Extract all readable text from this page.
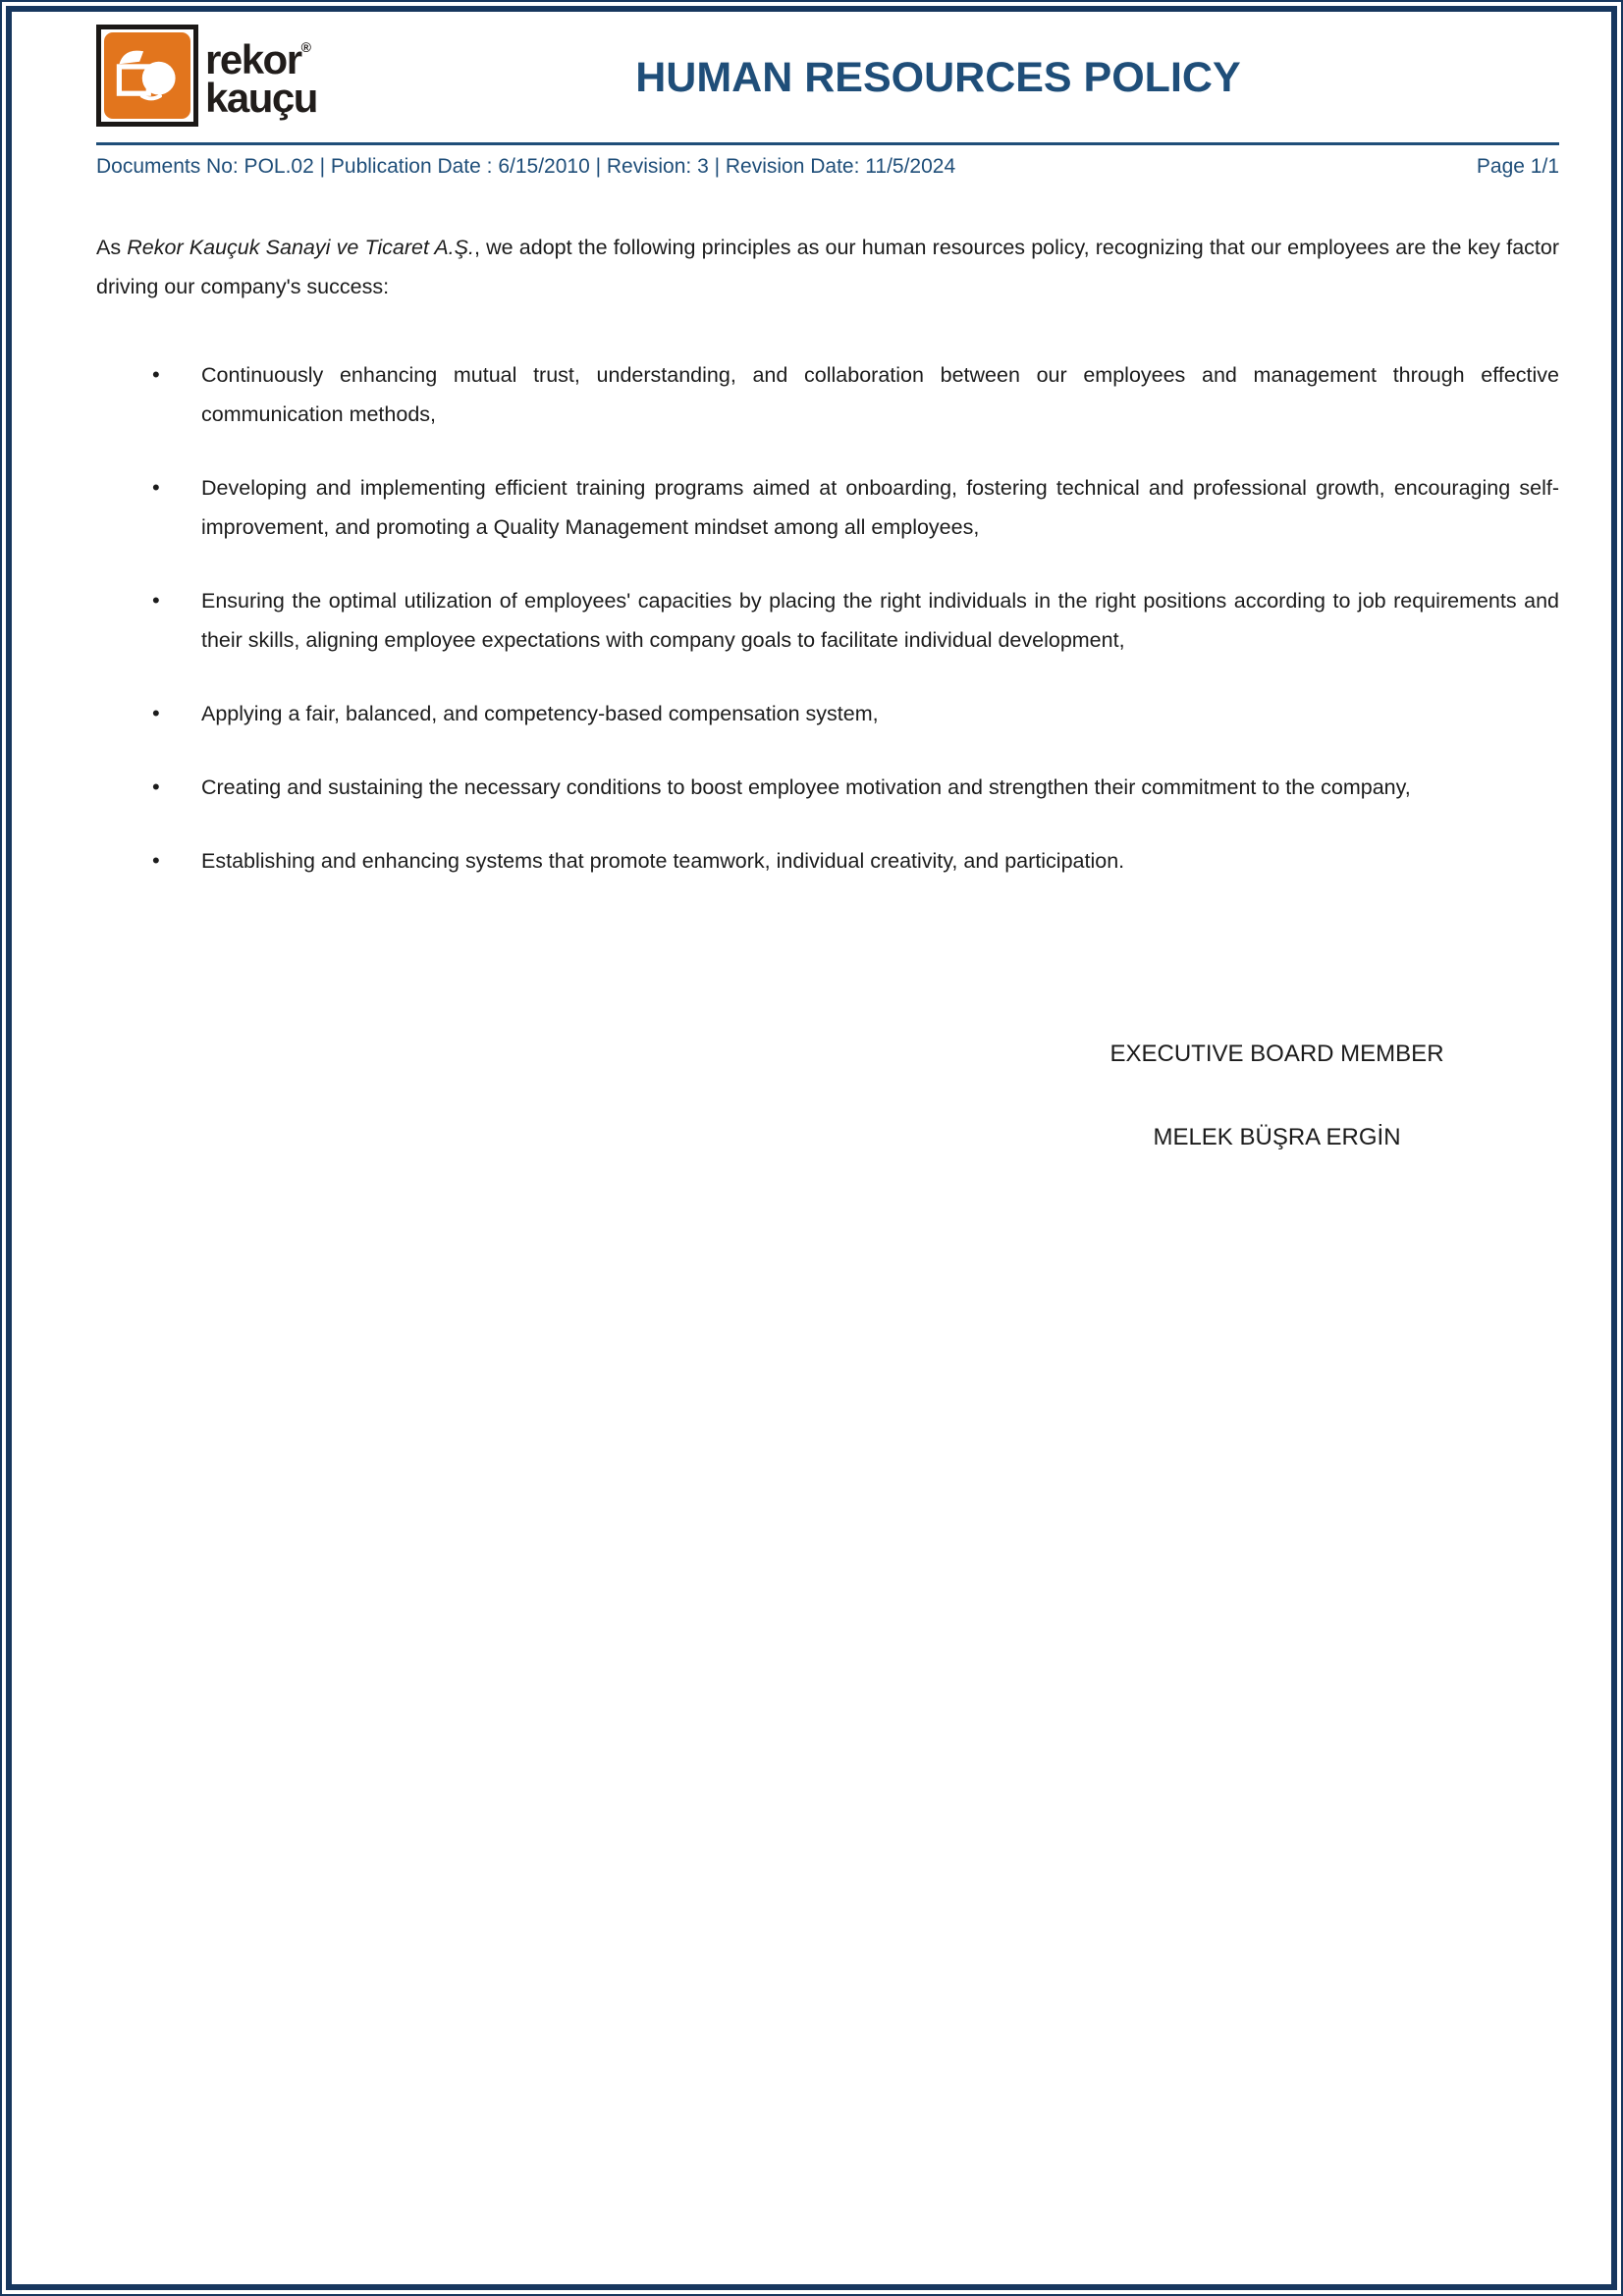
rekor®
kauçu	HUMAN RESOURCES POLICY
Documents No: POL.02 | Publication Date : 6/15/2010 | Revision: 3 | Revision Date: 11/5/2024	Page 1/1

As Rekor Kauçuk Sanayi ve Ticaret A.Ş., we adopt the following principles as our human resources policy, recognizing that our employees are the key factor driving our company's success:

• Continuously enhancing mutual trust, understanding, and collaboration between our employees and management through effective communication methods,
• Developing and implementing efficient training programs aimed at onboarding, fostering technical and professional growth, encouraging self-improvement, and promoting a Quality Management mindset among all employees,
• Ensuring the optimal utilization of employees' capacities by placing the right individuals in the right positions according to job requirements and their skills, aligning employee expectations with company goals to facilitate individual development,
• Applying a fair, balanced, and competency-based compensation system,
• Creating and sustaining the necessary conditions to boost employee motivation and strengthen their commitment to the company,
• Establishing and enhancing systems that promote teamwork, individual creativity, and participation.
EXECUTIVE BOARD MEMBER
MELEK BÜŞRA ERGİN
